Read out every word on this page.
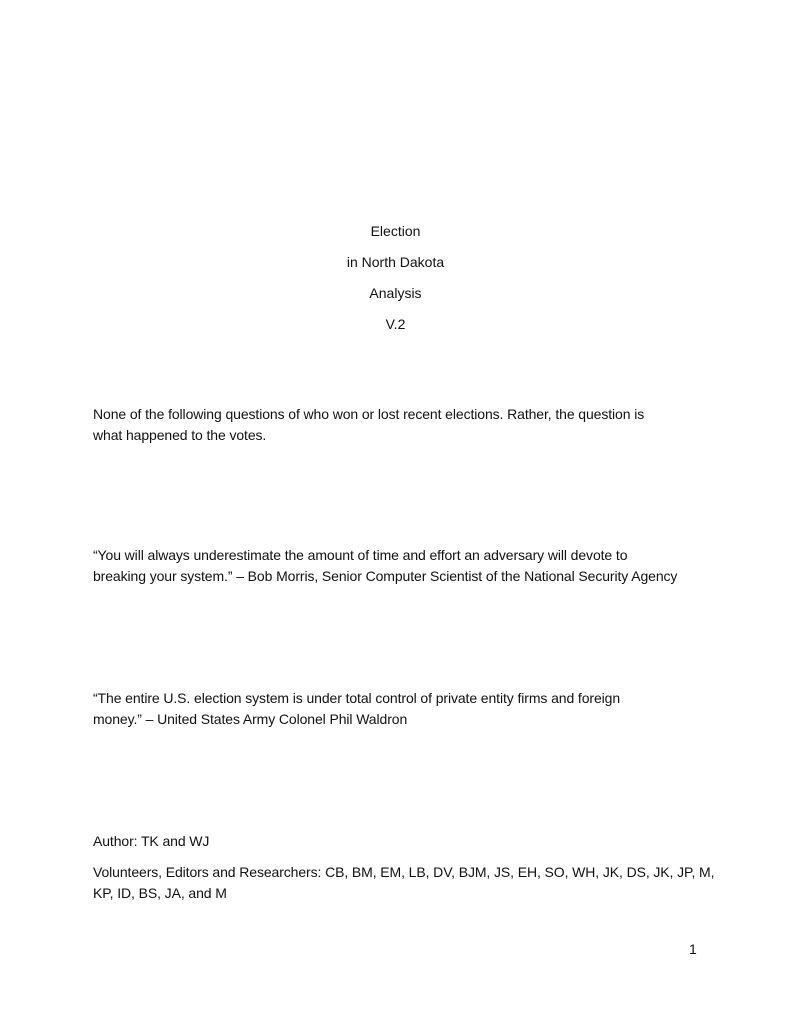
Election
in North Dakota
Analysis
V.2
None of the following questions of who won or lost recent elections. Rather, the question is
what happened to the votes.
“You will always underestimate the amount of time and effort an adversary will devote to
breaking your system.” – Bob Morris, Senior Computer Scientist of the National Security Agency
“The entire U.S. election system is under total control of private entity firms and foreign
money.” – United States Army Colonel Phil Waldron
Author: TK and WJ
Volunteers, Editors and Researchers: CB, BM, EM, LB, DV, BJM, JS, EH, SO, WH, JK, DS, JK, JP, M,
KP, ID, BS, JA, and M
1
